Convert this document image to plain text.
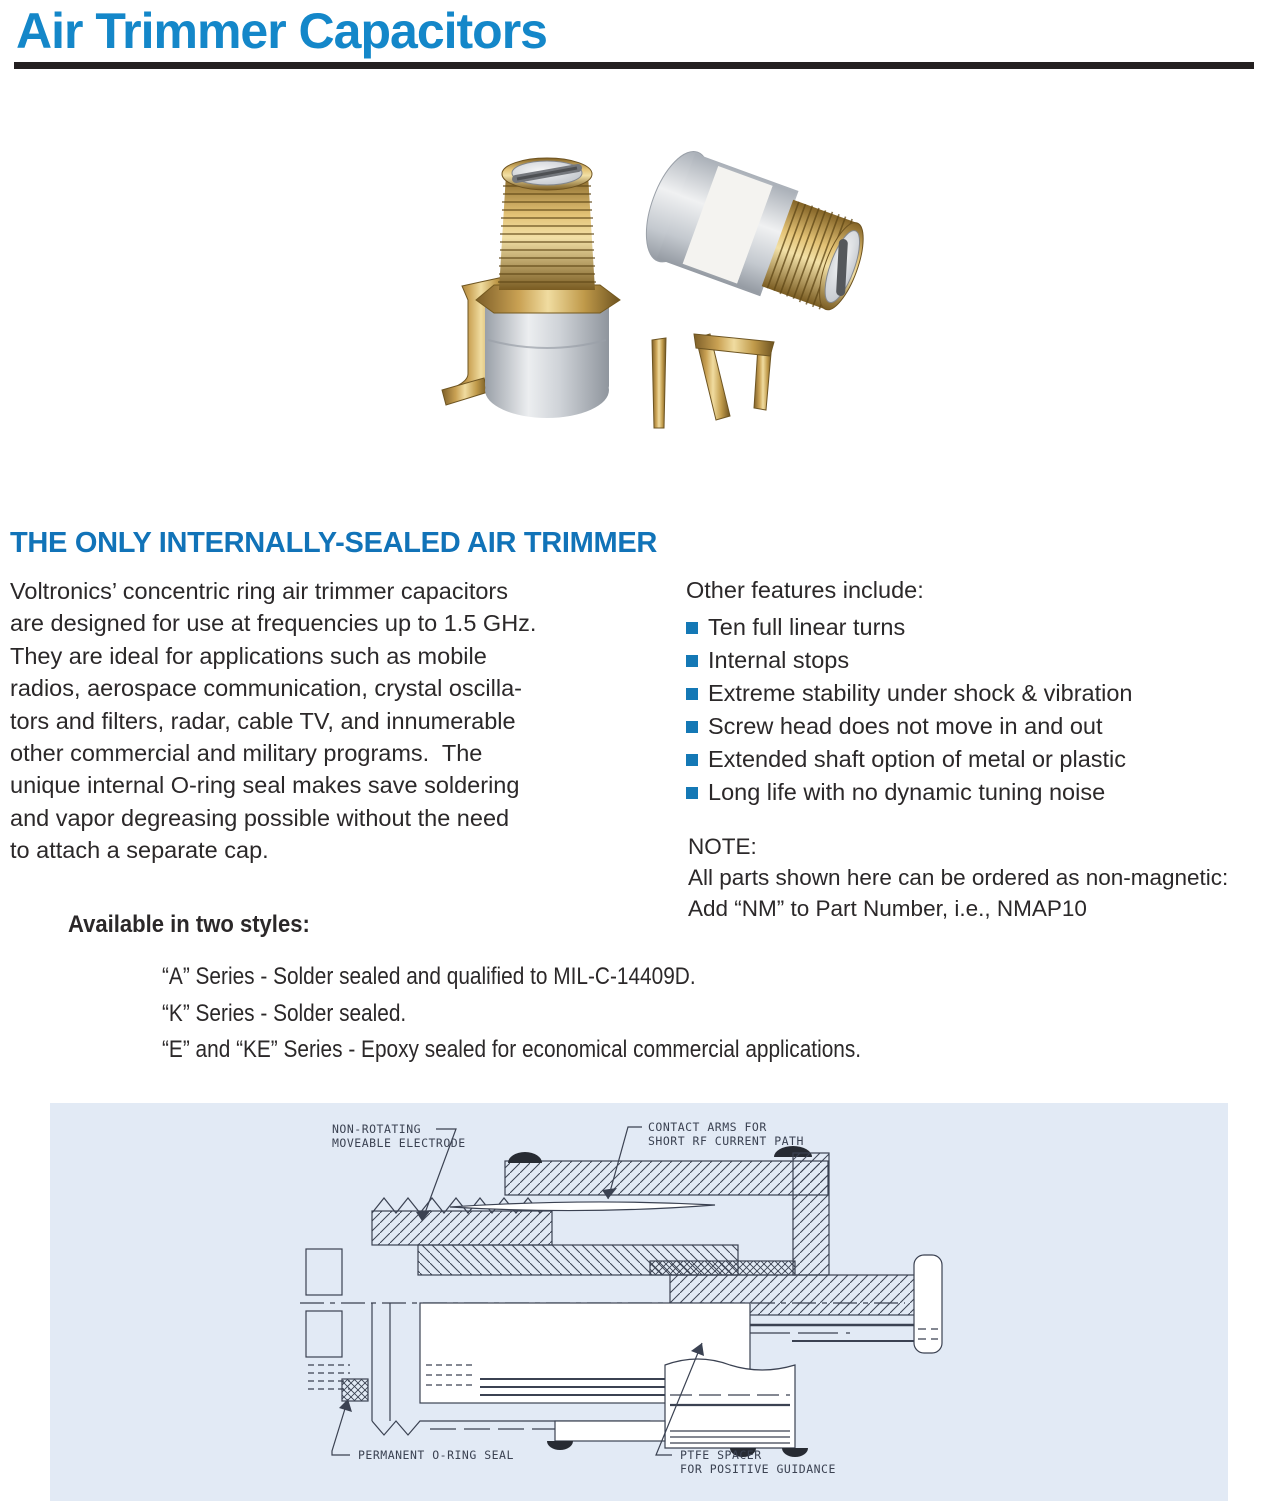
Air Trimmer Capacitors
THE ONLY INTERNALLY-SEALED AIR TRIMMER
Voltronics’ concentric ring air trimmer capacitors
are designed for use at frequencies up to 1.5 GHz.
They are ideal for applications such as mobile
radios, aerospace communication, crystal oscilla-
tors and filters, radar, cable TV, and innumerable
other commercial and military programs.  The
unique internal O-ring seal makes save soldering
and vapor degreasing possible without the need
to attach a separate cap.
Other features include:
Ten full linear turns
Internal stops
Extreme stability under shock & vibration
Screw head does not move in and out
Extended shaft option of metal or plastic
Long life with no dynamic tuning noise
NOTE:
All parts shown here can be ordered as non-magnetic:
Add “NM” to Part Number, i.e., NMAP10
Available in two styles:
“A” Series - Solder sealed and qualified to MIL-C-14409D.
“K” Series - Solder sealed.
“E” and “KE” Series - Epoxy sealed for economical commercial applications.
NON-ROTATING
MOVEABLE ELECTRODE
CONTACT ARMS FOR
SHORT RF CURRENT PATH
PERMANENT O-RING SEAL	PTFE SPACER
FOR POSITIVE GUIDANCE
